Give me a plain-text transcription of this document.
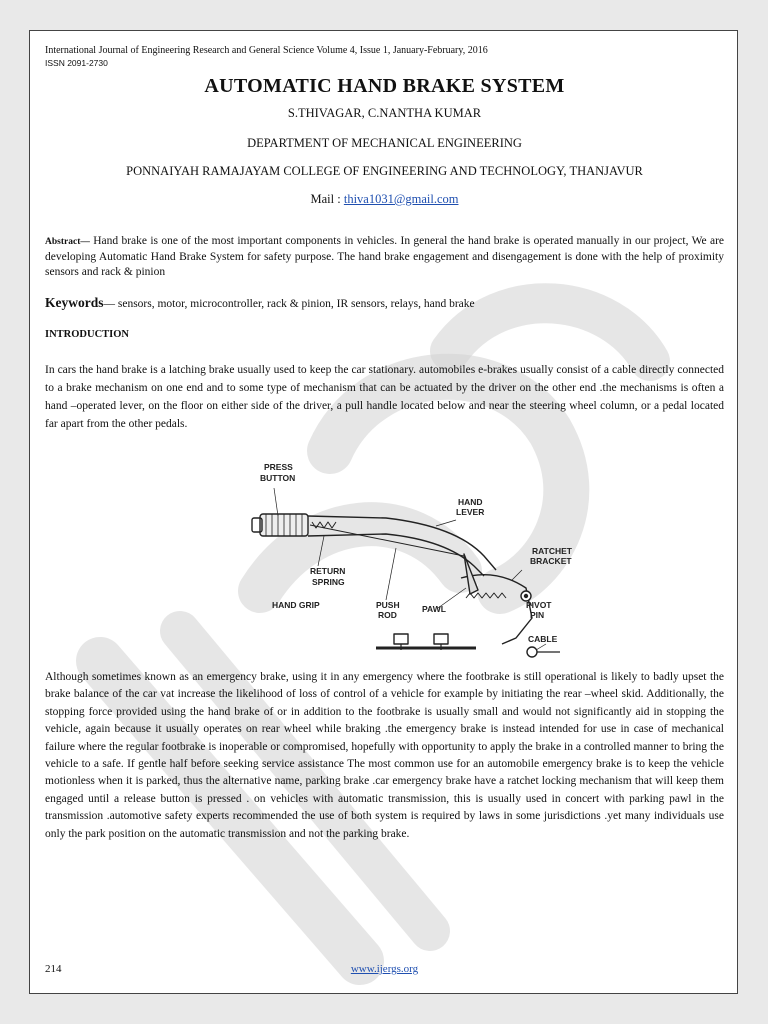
International Journal of Engineering Research and General Science Volume 4, Issue 1, January-February, 2016
ISSN 2091-2730
AUTOMATIC HAND BRAKE SYSTEM
S.THIVAGAR, C.NANTHA KUMAR
DEPARTMENT OF MECHANICAL ENGINEERING
PONNAIYAH RAMAJAYAM COLLEGE OF ENGINEERING AND TECHNOLOGY, THANJAVUR
Mail : thiva1031@gmail.com
Abstract— Hand brake is one of the most important components in vehicles. In general the hand brake is operated manually in our project, We are developing Automatic Hand Brake System for safety purpose. The hand brake engagement and disengagement is done with the help of proximity sensors and rack & pinion
Keywords— sensors, motor, microcontroller, rack & pinion, IR sensors, relays, hand brake
INTRODUCTION
In cars the hand brake is a latching brake usually used to keep the car stationary. automobiles e-brakes usually consist of a cable directly connected to a brake mechanism on one end and to some type of mechanism that can be actuated by the driver on the other end .the mechanisms is often a hand –operated lever, on the floor on either side of the driver, a pull handle located below and near the steering wheel column, or a pedal located far apart from the other pedals.
PRESS
BUTTON
HAND
LEVER
RATCHET
BRACKET
RETURN
SPRING
HAND GRIP	PUSH
ROD
PAWL	PIVOT
PIN
CABLE
Although sometimes known as an emergency brake, using it in any emergency where the footbrake is still operational is likely to badly upset the brake balance of the car vat increase the likelihood of loss of control of a vehicle for example by initiating the rear –wheel skid. Additionally, the stopping force provided using the hand brake of or in addition to the footbrake is usually small and would not significantly aid in stopping the vehicle, again because it usually operates on rear wheel while braking .the emergency brake is instead intended for use in case of mechanical failure where the regular footbrake is inoperable or compromised, hopefully with opportunity to apply the brake in a controlled manner to bring the vehicle to a safe. If gentle half before seeking service assistance The most common use for an automobile emergency brake is to keep the vehicle motionless when it is parked, thus the alternative name, parking brake .car emergency brake have a ratchet locking mechanism that will keep them engaged until a release button is pressed . on vehicles with automatic transmission, this is usually used in concert with parking pawl in the transmission .automotive safety experts recommended the use of both system is required by laws in some jurisdictions .yet many individuals use only the park position on the automatic transmission and not the parking brake.
214	www.ijergs.org
